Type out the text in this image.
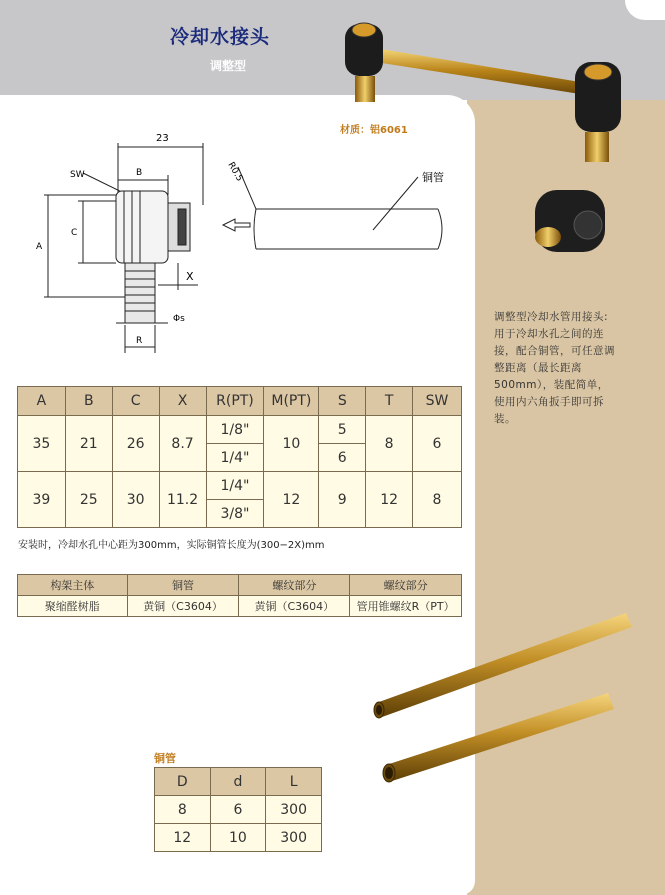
冷却水接头
调整型
材质：铝6061
23
B
SW
A
C
X
Φs
R
R0.5	铜管
调整型冷却水管用接头:
用于冷却水孔之间的连
接，配合铜管，可任意调
整距离（最长距离
500mm），装配简单，
使用内六角扳手即可拆
装。
A	B	C	X	R(PT)	M(PT)	S	T	SW
35	21	26	8.7	1/8"	10	5	8	6
				1/4"		6		
39	25	30	11.2	1/4"	12	9	12	8
				3/8"				
安装时，冷却水孔中心距为300mm，实际铜管长度为(300−2X)mm
构架主体	铜管	螺纹部分	螺纹部分
聚缩醛树脂	黄铜（C3604）	黄铜（C3604）	管用锥螺纹R（PT）
铜管
D	d	L
8	6	300
12	10	300
